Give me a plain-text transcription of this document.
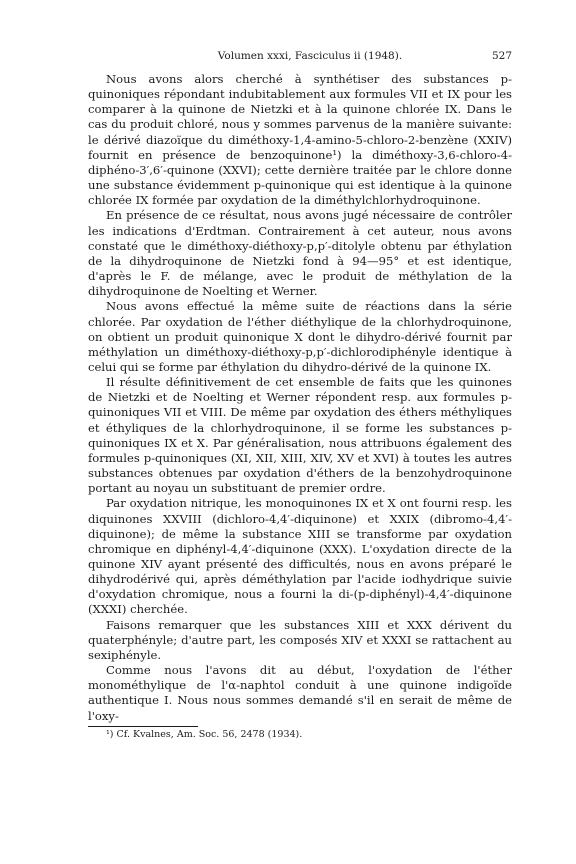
Volumen xxxi, Fasciculus ii (1948).	527

Nous avons alors cherché à synthétiser des substances p-quinoniques répondant indubitablement aux formules VII et IX pour les comparer à la quinone de Nietzki et à la quinone chlorée IX. Dans le cas du produit chloré, nous y sommes parvenus de la manière suivante: le dérivé diazoïque du diméthoxy-1,4-amino-5-chloro-2-benzène (XXIV) fournit en présence de benzoquinone¹) la diméthoxy-3,6-chloro-4-diphéno-3′,6′-quinone (XXVI); cette dernière traitée par le chlore donne une substance évidemment p-quinonique qui est identique à la quinone chlorée IX formée par oxydation de la diméthylchlorhydroquinone.

En présence de ce résultat, nous avons jugé nécessaire de contrôler les indications d'Erdtman. Contrairement à cet auteur, nous avons constaté que le diméthoxy-diéthoxy-p,p′-ditolyle obtenu par éthylation de la dihydroquinone de Nietzki fond à 94—95° et est identique, d'après le F. de mélange, avec le produit de méthylation de la dihydroquinone de Noelting et Werner.

Nous avons effectué la même suite de réactions dans la série chlorée. Par oxydation de l'éther diéthylique de la chlorhydroquinone, on obtient un produit quinonique X dont le dihydro-dérivé fournit par méthylation un diméthoxy-diéthoxy-p,p′-dichlorodiphényle identique à celui qui se forme par éthylation du dihydro-dérivé de la quinone IX.

Il résulte définitivement de cet ensemble de faits que les quinones de Nietzki et de Noelting et Werner répondent resp. aux formules p-quinoniques VII et VIII. De même par oxydation des éthers méthyliques et éthyliques de la chlorhydroquinone, il se forme les substances p-quinoniques IX et X. Par généralisation, nous attribuons également des formules p-quinoniques (XI, XII, XIII, XIV, XV et XVI) à toutes les autres substances obtenues par oxydation d'éthers de la benzohydroquinone portant au noyau un substituant de premier ordre.

Par oxydation nitrique, les monoquinones IX et X ont fourni resp. les diquinones XXVIII (dichloro-4,4′-diquinone) et XXIX (dibromo-4,4′-diquinone); de même la substance XIII se transforme par oxydation chromique en diphényl-4,4′-diquinone (XXX). L'oxydation directe de la quinone XIV ayant présenté des difficultés, nous en avons préparé le dihydrodérivé qui, après déméthylation par l'acide iodhydrique suivie d'oxydation chromique, nous a fourni la di-(p-diphényl)-4,4′-diquinone (XXXI) cherchée.

Faisons remarquer que les substances XIII et XXX dérivent du quaterphényle; d'autre part, les composés XIV et XXXI se rattachent au sexiphényle.

Comme nous l'avons dit au début, l'oxydation de l'éther monométhylique de l'α-naphtol conduit à une quinone indigoïde authentique I. Nous nous sommes demandé s'il en serait de même de l'oxy-

¹) Cf. Kvalnes, Am. Soc. 56, 2478 (1934).
